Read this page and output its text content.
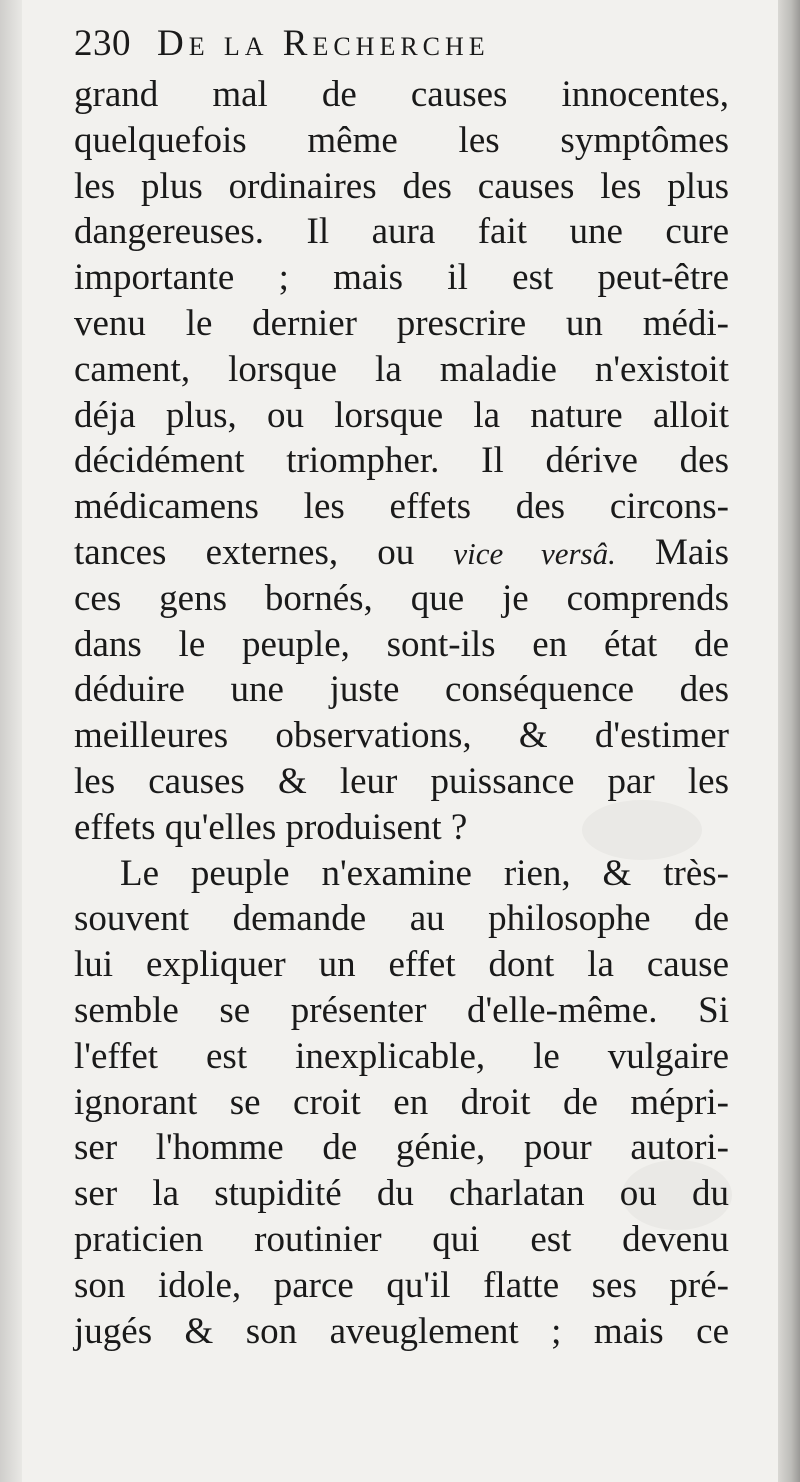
230 De la Recherche
grand mal de causes innocentes,
quelquefois même les symptômes
les plus ordinaires des causes les plus
dangereuses. Il aura fait une cure
importante ; mais il est peut-être
venu le dernier prescrire un médi-
cament, lorsque la maladie n'existoit
déja plus, ou lorsque la nature alloit
décidément triompher. Il dérive des
médicamens les effets des circons-
tances externes, ou vice versâ. Mais
ces gens bornés, que je comprends
dans le peuple, sont-ils en état de
déduire une juste conséquence des
meilleures observations, & d'estimer
les causes & leur puissance par les
effets qu'elles produisent ?
Le peuple n'examine rien, & très-
souvent demande au philosophe de
lui expliquer un effet dont la cause
semble se présenter d'elle-même. Si
l'effet est inexplicable, le vulgaire
ignorant se croit en droit de mépri-
ser l'homme de génie, pour autori-
ser la stupidité du charlatan ou du
praticien routinier qui est devenu
son idole, parce qu'il flatte ses pré-
jugés & son aveuglement ; mais ce
